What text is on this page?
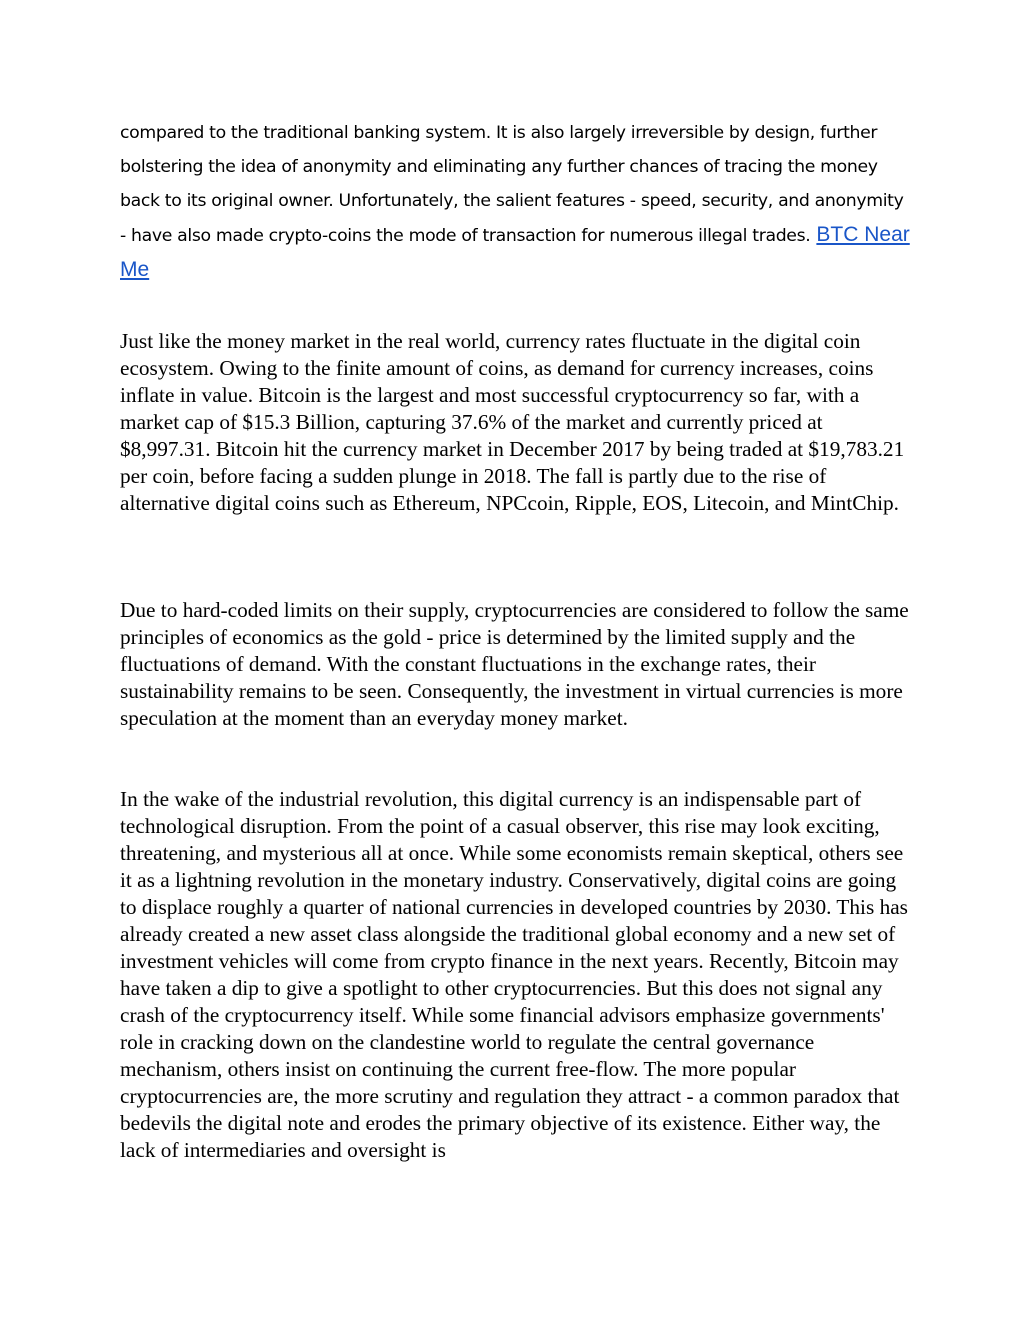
compared to the traditional banking system. It is also largely irreversible by design, further bolstering the idea of anonymity and eliminating any further chances of tracing the money back to its original owner. Unfortunately, the salient features - speed, security, and anonymity - have also made crypto-coins the mode of transaction for numerous illegal trades. BTC Near Me

Just like the money market in the real world, currency rates fluctuate in the digital coin ecosystem. Owing to the finite amount of coins, as demand for currency increases, coins inflate in value. Bitcoin is the largest and most successful cryptocurrency so far, with a market cap of $15.3 Billion, capturing 37.6% of the market and currently priced at $8,997.31. Bitcoin hit the currency market in December 2017 by being traded at $19,783.21 per coin, before facing a sudden plunge in 2018. The fall is partly due to the rise of alternative digital coins such as Ethereum, NPCcoin, Ripple, EOS, Litecoin, and MintChip.

Due to hard-coded limits on their supply, cryptocurrencies are considered to follow the same principles of economics as the gold - price is determined by the limited supply and the fluctuations of demand. With the constant fluctuations in the exchange rates, their sustainability remains to be seen. Consequently, the investment in virtual currencies is more speculation at the moment than an everyday money market.

In the wake of the industrial revolution, this digital currency is an indispensable part of technological disruption. From the point of a casual observer, this rise may look exciting, threatening, and mysterious all at once. While some economists remain skeptical, others see it as a lightning revolution in the monetary industry. Conservatively, digital coins are going to displace roughly a quarter of national currencies in developed countries by 2030. This has already created a new asset class alongside the traditional global economy and a new set of investment vehicles will come from crypto finance in the next years. Recently, Bitcoin may have taken a dip to give a spotlight to other cryptocurrencies. But this does not signal any crash of the cryptocurrency itself. While some financial advisors emphasize governments' role in cracking down on the clandestine world to regulate the central governance mechanism, others insist on continuing the current free-flow. The more popular cryptocurrencies are, the more scrutiny and regulation they attract - a common paradox that bedevils the digital note and erodes the primary objective of its existence. Either way, the lack of intermediaries and oversight is
